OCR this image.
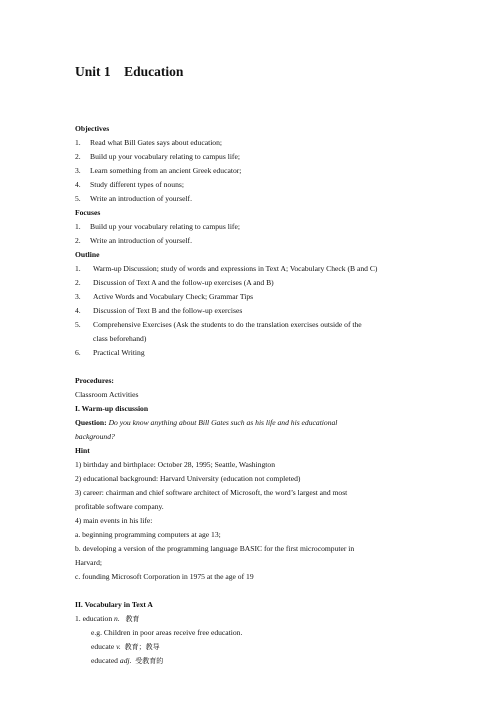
Unit 1    Education
Objectives
1. Read what Bill Gates says about education;
2. Build up your vocabulary relating to campus life;
3. Learn something from an ancient Greek educator;
4. Study different types of nouns;
5. Write an introduction of yourself.
Focuses
1. Build up your vocabulary relating to campus life;
2. Write an introduction of yourself.
Outline
1. Warm-up Discussion; study of words and expressions in Text A; Vocabulary Check (B and C)
2. Discussion of Text A and the follow-up exercises (A and B)
3. Active Words and Vocabulary Check; Grammar Tips
4. Discussion of Text B and the follow-up exercises
5. Comprehensive Exercises (Ask the students to do the translation exercises outside of the
class beforehand)
6. Practical Writing
Procedures:
Classroom Activities
I. Warm-up discussion
Question: Do you know anything about Bill Gates such as his life and his educational
background?
Hint
1) birthday and birthplace: October 28, 1995; Seattle, Washington
2) educational background: Harvard University (education not completed)
3) career: chairman and chief software architect of Microsoft, the word’s largest and most
profitable software company.
4) main events in his life:
a. beginning programming computers at age 13;
b. developing a version of the programming language BASIC for the first microcomputer in
Harvard;
c. founding Microsoft Corporation in 1975 at the age of 19
II. Vocabulary in Text A
1. education n. 教育
e.g. Children in poor areas receive free education.
educate v. 教育；教导
educated adj. 受教育的
